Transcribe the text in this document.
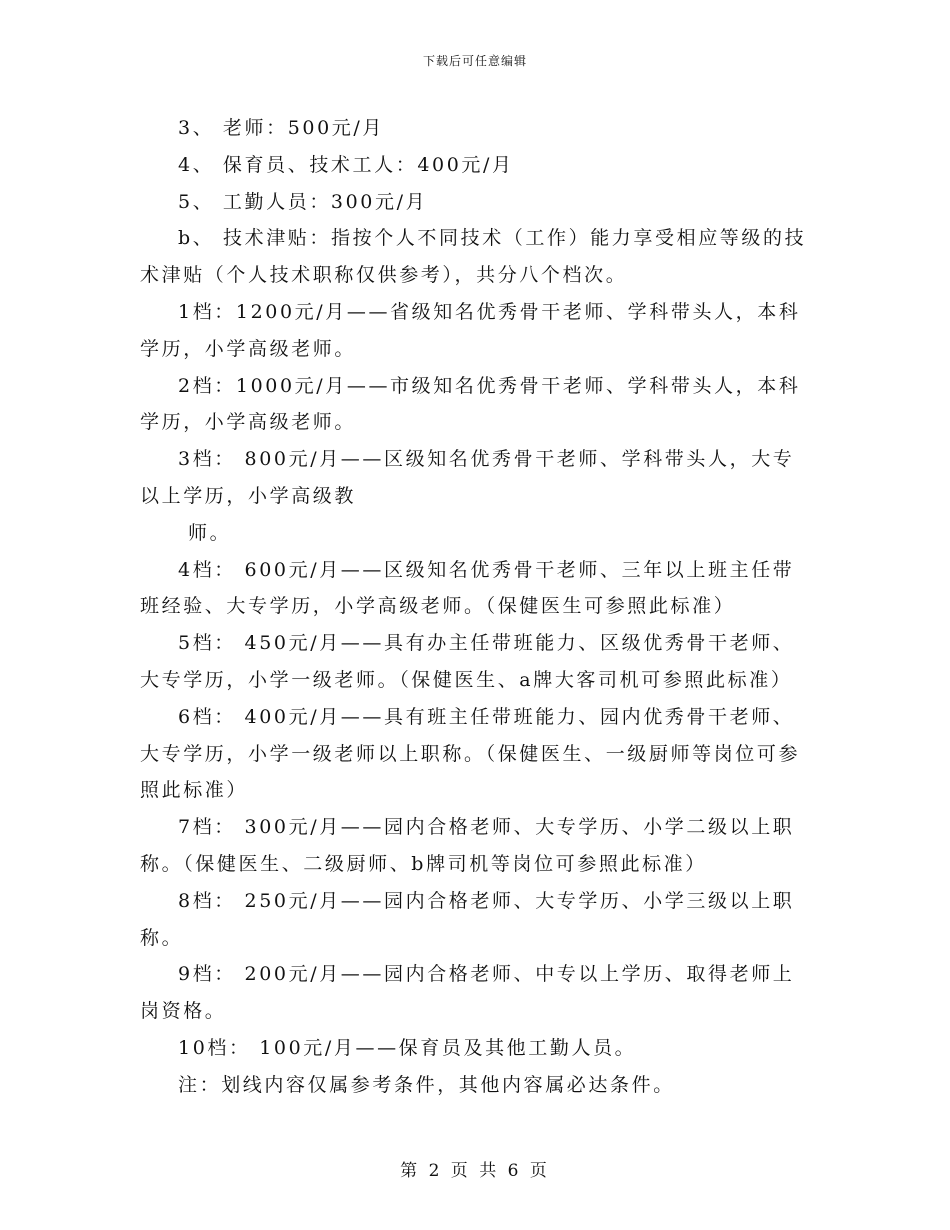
下载后可任意编辑

3、 老师：500元/月

4、 保育员、技术工人：400元/月

5、 工勤人员：300元/月

b、 技术津贴：指按个人不同技术（工作）能力享受相应等级的技术津贴（个人技术职称仅供参考），共分八个档次。

1档：1200元/月——省级知名优秀骨干老师、学科带头人，本科学历，小学高级老师。

2档：1000元/月——市级知名优秀骨干老师、学科带头人，本科学历，小学高级老师。

3档： 800元/月——区级知名优秀骨干老师、学科带头人，大专以上学历，小学高级教

师。

4档： 600元/月——区级知名优秀骨干老师、三年以上班主任带班经验、大专学历，小学高级老师。（保健医生可参照此标准）

5档： 450元/月——具有办主任带班能力、区级优秀骨干老师、大专学历，小学一级老师。（保健医生、a牌大客司机可参照此标准）

6档： 400元/月——具有班主任带班能力、园内优秀骨干老师、大专学历，小学一级老师以上职称。（保健医生、一级厨师等岗位可参照此标准）

7档： 300元/月——园内合格老师、大专学历、小学二级以上职称。（保健医生、二级厨师、b牌司机等岗位可参照此标准）

8档： 250元/月——园内合格老师、大专学历、小学三级以上职称。

9档： 200元/月——园内合格老师、中专以上学历、取得老师上岗资格。

10档： 100元/月——保育员及其他工勤人员。

注：划线内容仅属参考条件，其他内容属必达条件。

第 2 页 共 6 页
